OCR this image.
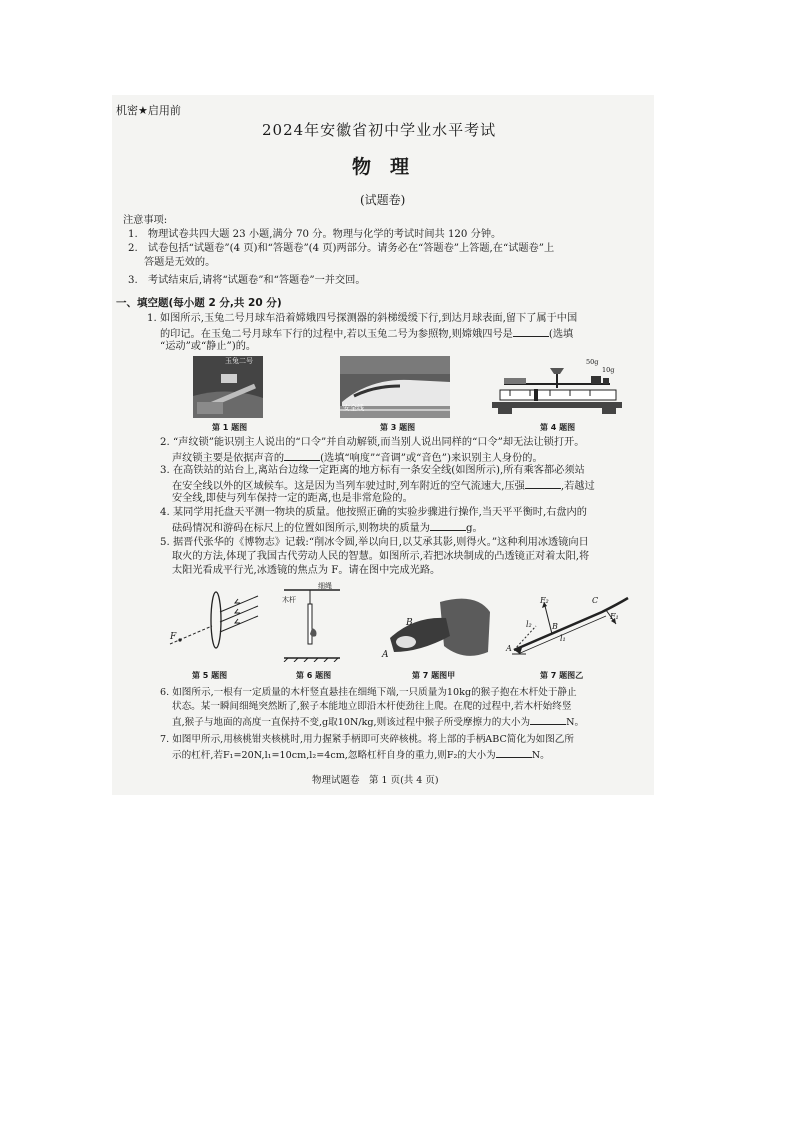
机密★启用前
2024年安徽省初中学业水平考试
物　理
(试题卷)
注意事项:
1.　物理试卷共四大题 23 小题,满分 70 分。物理与化学的考试时间共 120 分钟。
2.　试卷包括“试题卷”(4 页)和“答题卷”(4 页)两部分。请务必在“答题卷”上答题,在“试题卷”上
答题是无效的。
3.　考试结束后,请将“试题卷”和“答题卷”一并交回。
一、填空题(每小题 2 分,共 20 分)
1. 如图所示,玉兔二号月球车沿着嫦娥四号探测器的斜梯缓缓下行,到达月球表面,留下了属于中国
的印记。在玉兔二号月球车下行的过程中,若以玉兔二号为参照物,则嫦娥四号是	(选填
“运动”或“静止”)的。
玉兔二号
第 1 题图
安全线
第 3 题图
50g
10g
第 4 题图
2. “声纹锁”能识别主人说出的“口令”并自动解锁,而当别人说出同样的“口令”却无法让锁打开。
声纹锁主要是依据声音的	(选填“响度”“音调”或“音色”)来识别主人身份的。
3. 在高铁站的站台上,离站台边缘一定距离的地方标有一条安全线(如图所示),所有乘客都必须站
在安全线以外的区域候车。这是因为当列车驶过时,列车附近的空气流速大,压强	,若越过
安全线,即使与列车保持一定的距离,也是非常危险的。
4. 某同学用托盘天平测一物块的质量。他按照正确的实验步骤进行操作,当天平平衡时,右盘内的
砝码情况和游码在标尺上的位置如图所示,则物块的质量为	g。
5. 据晋代张华的《博物志》记载:“削冰令圆,举以向日,以艾承其影,则得火。”这种利用冰透镜向日
取火的方法,体现了我国古代劳动人民的智慧。如图所示,若把冰块制成的凸透镜正对着太阳,将
太阳光看成平行光,冰透镜的焦点为 F。请在图中完成光路。
F
第 5 题图
木杆
细绳
第 6 题图
B
A
第 7 题图甲
F₂
F₁
l₂
l₁
A
B
C
第 7 题图乙
6. 如图所示,一根有一定质量的木杆竖直悬挂在细绳下端,一只质量为10kg的猴子抱在木杆处于静止
状态。某一瞬间细绳突然断了,猴子本能地立即沿木杆使劲往上爬。在爬的过程中,若木杆始终竖
直,猴子与地面的高度一直保持不变,g取10N/kg,则该过程中猴子所受摩擦力的大小为	N。
7. 如图甲所示,用核桃钳夹核桃时,用力握紧手柄即可夹碎核桃。将上部的手柄ABC简化为如图乙所
示的杠杆,若F₁=20N,l₁=10cm,l₂=4cm,忽略杠杆自身的重力,则F₂的大小为	N。
物理试题卷　第 1 页(共 4 页)
